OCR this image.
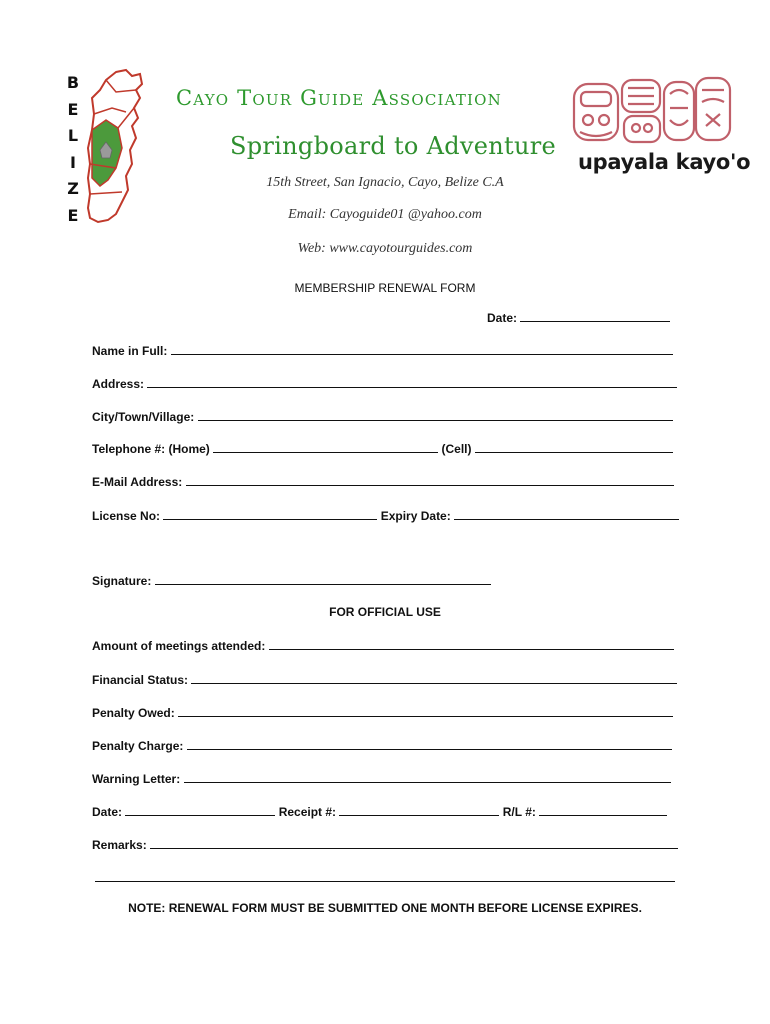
B
E
L
I
Z
E
Cayo Tour Guide Association
Springboard to Adventure
15th Street, San Ignacio, Cayo, Belize C.A
Email: Cayoguide01 @yahoo.com
Web: www.cayotourguides.com
upayala kayo'o
MEMBERSHIP RENEWAL FORM
Date:
Name in Full:
Address:
City/Town/Village:
Telephone #: (Home)	(Cell)
E-Mail Address:
License No:	Expiry Date:
Signature:
FOR OFFICIAL USE
Amount of meetings attended:
Financial Status:
Penalty Owed:
Penalty Charge:
Warning Letter:
Date:	Receipt #:	R/L #:
Remarks:
NOTE: RENEWAL FORM MUST BE SUBMITTED ONE MONTH BEFORE LICENSE EXPIRES.
